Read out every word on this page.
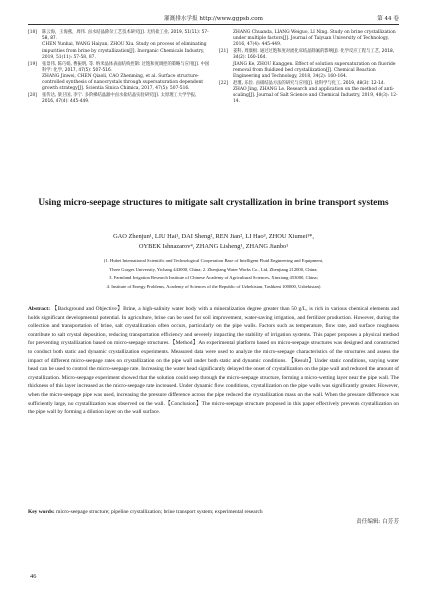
灌溉排水学报 http://www.ggpsb.com	第 44 卷
[18] 陈云海，王海燕，周伟. 卤水结晶除杂工艺技术研究[J]. 无机盐工业, 2019, 51(11): 57-58, 87.
CHEN Yunhai, WANG Haiyan, ZHOU Xiu. Study on process of eliminating impurities from brine by crystallization[J]. Inorganic Chemicals Industry, 2019, 51(11): 57-58, 87.
[19] 张景伟, 陈巧娟, 曹振明, 等. 纳米晶体表面结构控制: 过饱和度调控的策略与应用[J]. 中国科学: 化学, 2017, 47(5): 507-516.
ZHANG Jinwei, CHEN Qiaoli, CAO Zhenming, et al. Surface structure-controlled synthesis of nanocrystals through supersaturation dependent growth strategy[J]. Scientia Sinica Chimica, 2017, 47(5): 507-516.
[20] 张传达, 梁卫国, 李宁. 多阶梯结晶器中卤水盐结晶实验研究[J]. 太原理工大学学报, 2016, 47(4): 445-449.
ZHANG Chuanda, LIANG Weiguo, LI Ning. Study on brine crystallization under multiple factors[J]. Journal of Taiyuan University of Technology, 2016, 47(4): 445-449.
[21] 姜科, 周康根. 通过过饱和度对流化床结晶除氟的影响[J]. 化学反应工程与工艺, 2018, 34(2): 160-164.
JIANG Ke, ZHOU Kanggen. Effect of solution supersaturation on fluoride removal from fluidized bed crystallization[J]. Chemical Reaction Engineering and Technology, 2018, 34(2): 160-164.
[22] 赵瑾, 乐俭. 卤硝结晶方法的研究与应用[J]. 盐科学与化工, 2019, 48(3): 12-14.
ZHAO Jing, ZHANG Le. Research and application on the method of anti-scaling[J]. Journal of Salt Science and Chemical Industry, 2019, 48(3): 12-14.
Using micro-seepage structures to mitigate salt crystallization in brine transport systems
GAO Zhenjun¹, LIU Hai¹, DAI Sheng², REN Jian², LI Hao³, ZHOU Xiumei¹*,
OYBEK Ishnazarov⁴, ZHANG Lisheng¹, ZHANG Jianbo¹
(1. Hubei International Scientific and Technological Cooperation Base of Intelligent Fluid Engineering and Equipment,
Three Gorges University, Yichang 443000, China; 2. Zhenjiang Water Works Co., Ltd, Zhenjiang 212000, China;
3. Farmland Irrigation Research Institute of Chinese Academy of Agricultural Sciences, Xinxiang 453000, China;
4. Institute of Energy Problems, Academy of Sciences of the Republic of Uzbekistan, Tashkent 100000, Uzbekistan)
Abstract: 【Background and Objective】Brine, a high-salinity water body with a mineralization degree greater than 50 g/L, is rich in various chemical elements and holds significant developmental potential. In agriculture, brine can be used for soil improvement, water-saving irrigation, and fertilizer production. However, during the collection and transportation of brine, salt crystallization often occurs, particularly on the pipe walls. Factors such as temperature, flow rate, and surface roughness contribute to salt crystal deposition, reducing transportation efficiency and severely impacting the stability of irrigation systems. This paper proposes a physical method for preventing crystallization based on micro-seepage structures.【Method】An experimental platform based on micro-seepage structures was designed and constructed to conduct both static and dynamic crystallization experiments. Measured data were used to analyze the micro-seepage characteristics of the structures and assess the impact of different micro-seepage rates on crystallization on the pipe wall under both static and dynamic conditions. 【Result】Under static conditions, varying water head can be used to control the micro-seepage rate. Increasing the water head significantly delayed the onset of crystallization on the pipe wall and reduced the amount of crystallization. Micro-seepage experiment showed that the solution could seep through the micro-seepage structure, forming a micro-wetting layer near the pipe wall. The thickness of this layer increased as the micro-seepage rate increased. Under dynamic flow conditions, crystallization on the pipe walls was significantly greater. However, when the micro-seepage pipe was used, increasing the pressure difference across the pipe reduced the crystallization mass on the wall. When the pressure difference was sufficiently large, no crystallization was observed on the wall.【Conclusion】The micro-seepage structure proposed in this paper effectively prevents crystallization on the pipe wall by forming a dilution layer on the wall surface.
Key words: micro-seepage structure; pipeline crystallization; brine transport system; experimental research
责任编辑: 白芳芳
46
